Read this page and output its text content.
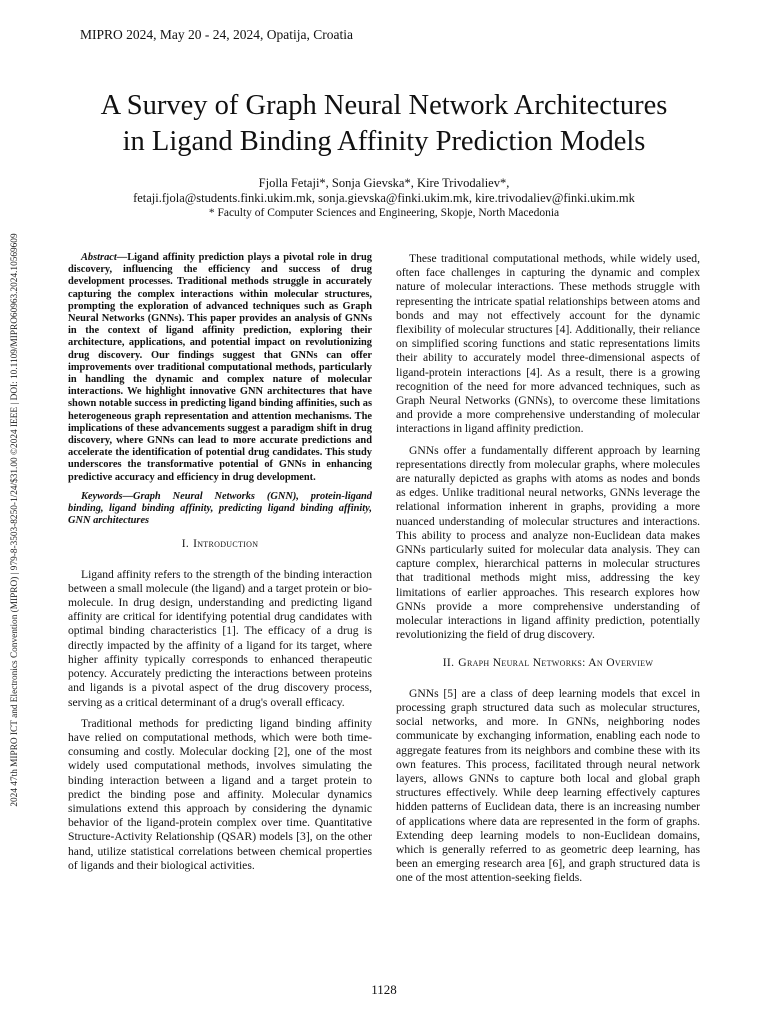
MIPRO 2024, May 20 - 24, 2024, Opatija, Croatia
A Survey of Graph Neural Network Architectures
in Ligand Binding Affinity Prediction Models
Fjolla Fetaji*, Sonja Gievska*, Kire Trivodaliev*,
fetaji.fjola@students.finki.ukim.mk, sonja.gievska@finki.ukim.mk, kire.trivodaliev@finki.ukim.mk
* Faculty of Computer Sciences and Engineering, Skopje, North Macedonia
2024 47th MIPRO ICT and Electronics Convention (MIPRO) | 979-8-3503-8250-1/24/$31.00 ©2024 IEEE | DOI: 10.1109/MIPRO60963.2024.10569609	Abstract—Ligand affinity prediction plays a pivotal role in drug discovery, influencing the efficiency and success of drug development processes. Traditional methods struggle in accurately capturing the complex interactions within molecular structures, prompting the exploration of advanced techniques such as Graph Neural Networks (GNNs). This paper provides an analysis of GNNs in the context of ligand affinity prediction, exploring their architecture, applications, and potential impact on revolutionizing drug discovery. Our findings suggest that GNNs can offer improvements over traditional computational methods, particularly in handling the dynamic and complex nature of molecular interactions. We highlight innovative GNN architectures that have shown notable success in predicting ligand binding affinities, such as heterogeneous graph representation and attention mechanisms. The implications of these advancements suggest a paradigm shift in drug discovery, where GNNs can lead to more accurate predictions and accelerate the identification of potential drug candidates. This study underscores the transformative potential of GNNs in enhancing predictive accuracy and efficiency in drug development.

Keywords—Graph Neural Networks (GNN), protein-ligand binding, ligand binding affinity, predicting ligand binding affinity, GNN architectures

I. Introduction

Ligand affinity refers to the strength of the binding interaction between a small molecule (the ligand) and a target protein or bio-molecule. In drug design, understanding and predicting ligand affinity are critical for identifying potential drug candidates with optimal binding characteristics [1]. The efficacy of a drug is directly impacted by the affinity of a ligand for its target, where higher affinity typically corresponds to enhanced therapeutic potency. Accurately predicting the interactions between proteins and ligands is a pivotal aspect of the drug discovery process, serving as a critical determinant of a drug's overall efficacy.

Traditional methods for predicting ligand binding affinity have relied on computational methods, which were both time-consuming and costly. Molecular docking [2], one of the most widely used computational methods, involves simulating the binding interaction between a ligand and a target protein to predict the binding pose and affinity. Molecular dynamics simulations extend this approach by considering the dynamic behavior of the ligand-protein complex over time. Quantitative Structure-Activity Relationship (QSAR) models [3], on the other hand, utilize statistical correlations between chemical properties of ligands and their biological activities.

These traditional computational methods, while widely used, often face challenges in capturing the dynamic and complex nature of molecular interactions. These methods struggle with representing the intricate spatial relationships between atoms and bonds and may not effectively account for the dynamic flexibility of molecular structures [4]. Additionally, their reliance on simplified scoring functions and static representations limits their ability to accurately model three-dimensional aspects of ligand-protein interactions [4]. As a result, there is a growing recognition of the need for more advanced techniques, such as Graph Neural Networks (GNNs), to overcome these limitations and provide a more comprehensive understanding of molecular interactions in ligand affinity prediction.

GNNs offer a fundamentally different approach by learning representations directly from molecular graphs, where molecules are naturally depicted as graphs with atoms as nodes and bonds as edges. Unlike traditional neural networks, GNNs leverage the relational information inherent in graphs, providing a more nuanced understanding of molecular structures and interactions. This ability to process and analyze non-Euclidean data makes GNNs particularly suited for molecular data analysis. They can capture complex, hierarchical patterns in molecular structures that traditional methods might miss, addressing the key limitations of earlier approaches. This research explores how GNNs provide a more comprehensive understanding of molecular interactions in ligand affinity prediction, potentially revolutionizing the field of drug discovery.

II. Graph Neural Networks: An Overview

GNNs [5] are a class of deep learning models that excel in processing graph structured data such as molecular structures, social networks, and more. In GNNs, neighboring nodes communicate by exchanging information, enabling each node to aggregate features from its neighbors and combine these with its own features. This process, facilitated through neural network layers, allows GNNs to capture both local and global graph structures effectively. While deep learning effectively captures hidden patterns of Euclidean data, there is an increasing number of applications where data are represented in the form of graphs. Extending deep learning models to non-Euclidean domains, which is generally referred to as geometric deep learning, has been an emerging research area [6], and graph structured data is one of the most attention-seeking fields.

1128
